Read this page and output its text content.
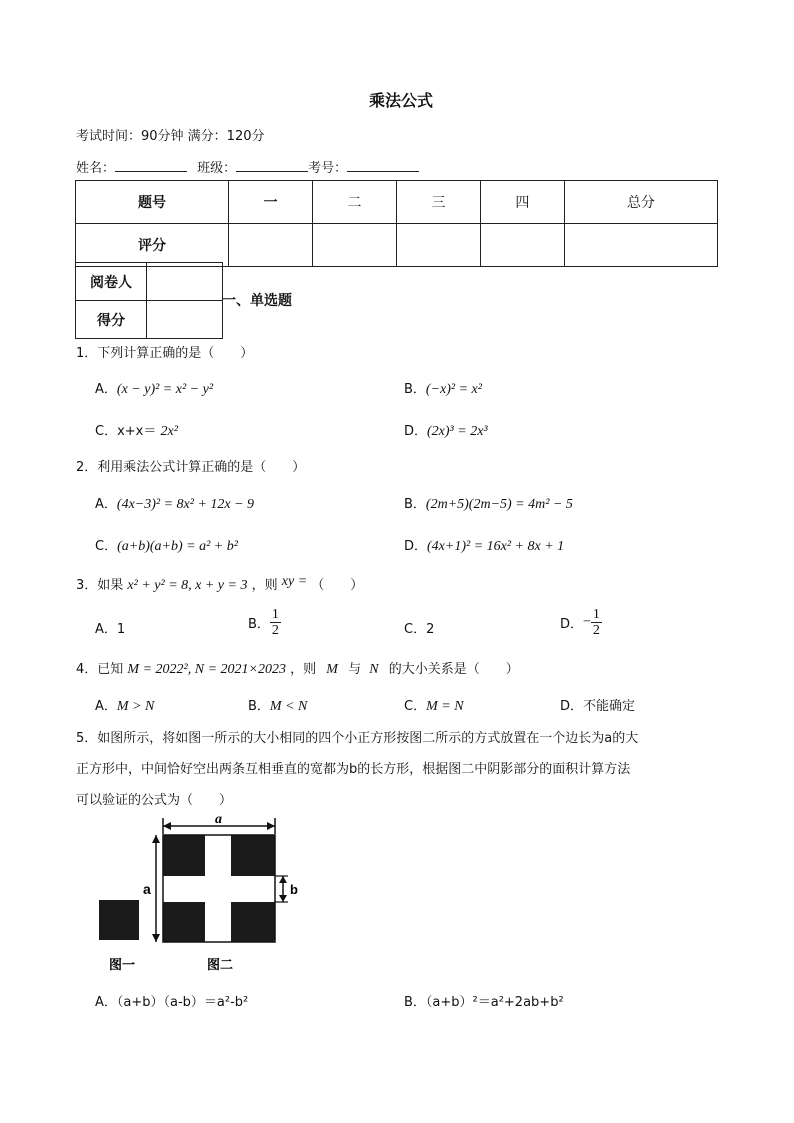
乘法公式
考试时间：90分钟 满分：120分
姓名：	班级：	考号：
题号	一	二	三	四	总分
评分					
阅卷人	
得分	
一、单选题
1．下列计算正确的是（　　）
A．(x − y)² = x² − y²	B．(−x)² = x²
C．x+x＝ 2x²	D．(2x)³ = 2x³
2．利用乘法公式计算正确的是（　　）
A．(4x−3)² = 8x² + 12x − 9	B．(2m+5)(2m−5) = 4m² − 5
C．(a+b)(a+b) = a² + b²	D．(4x+1)² = 16x² + 8x + 1
3．如果 x² + y² = 8, x + y = 3 ，则 xy = （　　）
A．1	B． $\frac{1}{2}$	C．2	D．− $\frac{1}{2}$
4．已知 M = 2022², N = 2021×2023 ，则 M 与 N 的大小关系是（　　）
A．M > N	B．M < N	C．M = N	D．不能确定
5．如图所示，将如图一所示的大小相同的四个小正方形按图二所示的方式放置在一个边长为a的大
正方形中，中间恰好空出两条互相垂直的宽都为b的长方形，根据图二中阴影部分的面积计算方法
可以验证的公式为（　　）
a
a	b
图一	图二
A．（a+b）（a-b）＝a²-b²	B．（a+b）²＝a²+2ab+b²
